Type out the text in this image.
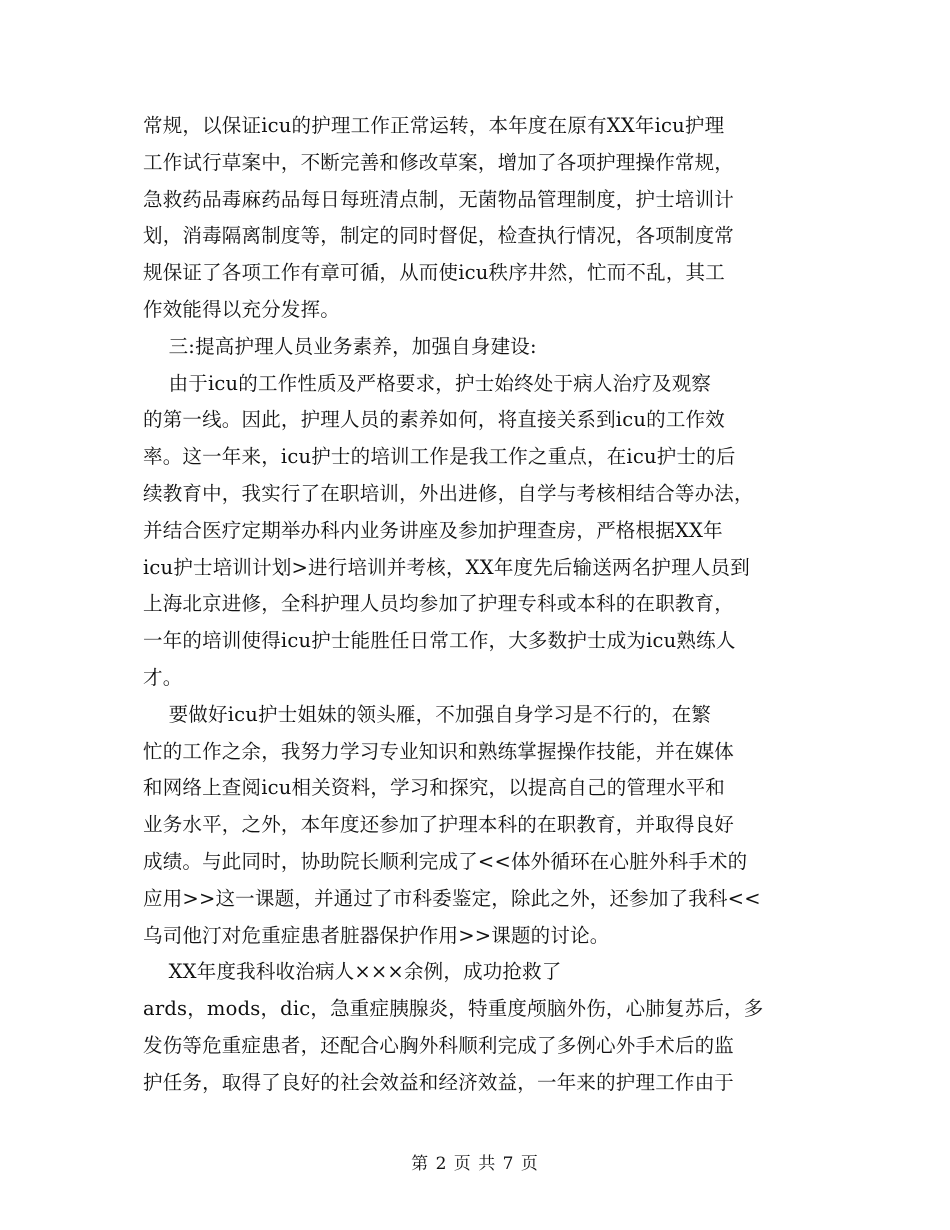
常规，以保证icu的护理工作正常运转，本年度在原有XX年icu护理
工作试行草案中，不断完善和修改草案，增加了各项护理操作常规，
急救药品毒麻药品每日每班清点制，无菌物品管理制度，护士培训计
划，消毒隔离制度等，制定的同时督促，检查执行情况，各项制度常
规保证了各项工作有章可循，从而使icu秩序井然，忙而不乱，其工
作效能得以充分发挥。
三:提高护理人员业务素养，加强自身建设:
由于icu的工作性质及严格要求，护士始终处于病人治疗及观察
的第一线。因此，护理人员的素养如何，将直接关系到icu的工作效
率。这一年来，icu护士的培训工作是我工作之重点，在icu护士的后
续教育中，我实行了在职培训，外出进修，自学与考核相结合等办法，
并结合医疗定期举办科内业务讲座及参加护理查房，严格根据XX年
icu护士培训计划>进行培训并考核，XX年度先后输送两名护理人员到
上海北京进修，全科护理人员均参加了护理专科或本科的在职教育，
一年的培训使得icu护士能胜任日常工作，大多数护士成为icu熟练人
才。
要做好icu护士姐妹的领头雁，不加强自身学习是不行的，在繁
忙的工作之余，我努力学习专业知识和熟练掌握操作技能，并在媒体
和网络上查阅icu相关资料，学习和探究，以提高自己的管理水平和
业务水平，之外，本年度还参加了护理本科的在职教育，并取得良好
成绩。与此同时，协助院长顺利完成了<<体外循环在心脏外科手术的
应用>>这一课题，并通过了市科委鉴定，除此之外，还参加了我科<<
乌司他汀对危重症患者脏器保护作用>>课题的讨论。
XX年度我科收治病人×××余例，成功抢救了
ards，mods，dic，急重症胰腺炎，特重度颅脑外伤，心肺复苏后，多
发伤等危重症患者，还配合心胸外科顺利完成了多例心外手术后的监
护任务，取得了良好的社会效益和经济效益，一年来的护理工作由于
第 2 页 共 7 页
